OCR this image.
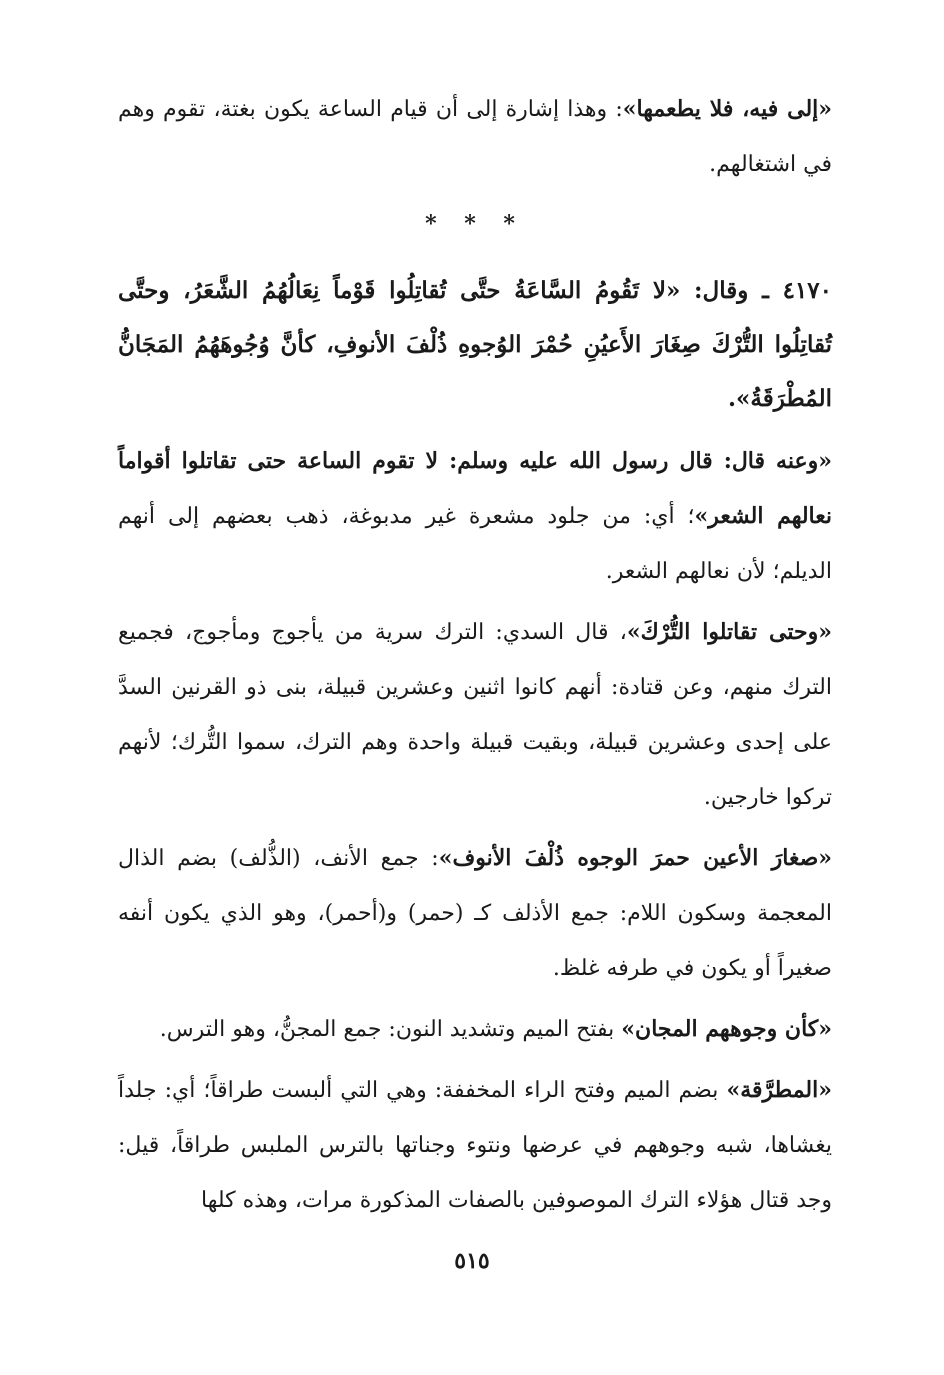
«إلى فيه، فلا يطعمها»: وهذا إشارة إلى أن قيام الساعة يكون بغتة، تقوم وهم في اشتغالهم.

* * *

٤١٧٠ ـ وقال: «لا تَقُومُ السَّاعَةُ حتَّى تُقاتِلُوا قَوْماً نِعَالُهُمُ الشَّعَرُ، وحتَّى تُقاتِلُوا التُّرْكَ صِغَارَ الأَعيُنِ حُمْرَ الوُجوهِ ذُلْفَ الأنوفِ، كأنَّ وُجُوهَهُمُ المَجَانُّ المُطْرَقَةُ».

«وعنه قال: قال رسول الله عليه وسلم: لا تقوم الساعة حتى تقاتلوا أقواماً نعالهم الشعر»؛ أي: من جلود مشعرة غير مدبوغة، ذهب بعضهم إلى أنهم الديلم؛ لأن نعالهم الشعر.

«وحتى تقاتلوا التُّرْكَ»، قال السدي: الترك سرية من يأجوج ومأجوج، فجميع الترك منهم، وعن قتادة: أنهم كانوا اثنين وعشرين قبيلة، بنى ذو القرنين السدَّ على إحدى وعشرين قبيلة، وبقيت قبيلة واحدة وهم الترك، سموا التُّرك؛ لأنهم تركوا خارجين.

«صغارَ الأعين حمرَ الوجوه ذُلْفَ الأنوف»: جمع الأنف، (الذُّلف) بضم الذال المعجمة وسكون اللام: جمع الأذلف كـ (حمر) و(أحمر)، وهو الذي يكون أنفه صغيراً أو يكون في طرفه غلظ.

«كأن وجوههم المجان» بفتح الميم وتشديد النون: جمع المجنُّ، وهو الترس.

«المطرَّقة» بضم الميم وفتح الراء المخففة: وهي التي ألبست طراقاً؛ أي: جلداً يغشاها، شبه وجوههم في عرضها ونتوء وجناتها بالترس الملبس طراقاً، قيل: وجد قتال هؤلاء الترك الموصوفين بالصفات المذكورة مرات، وهذه كلها

٥١٥
